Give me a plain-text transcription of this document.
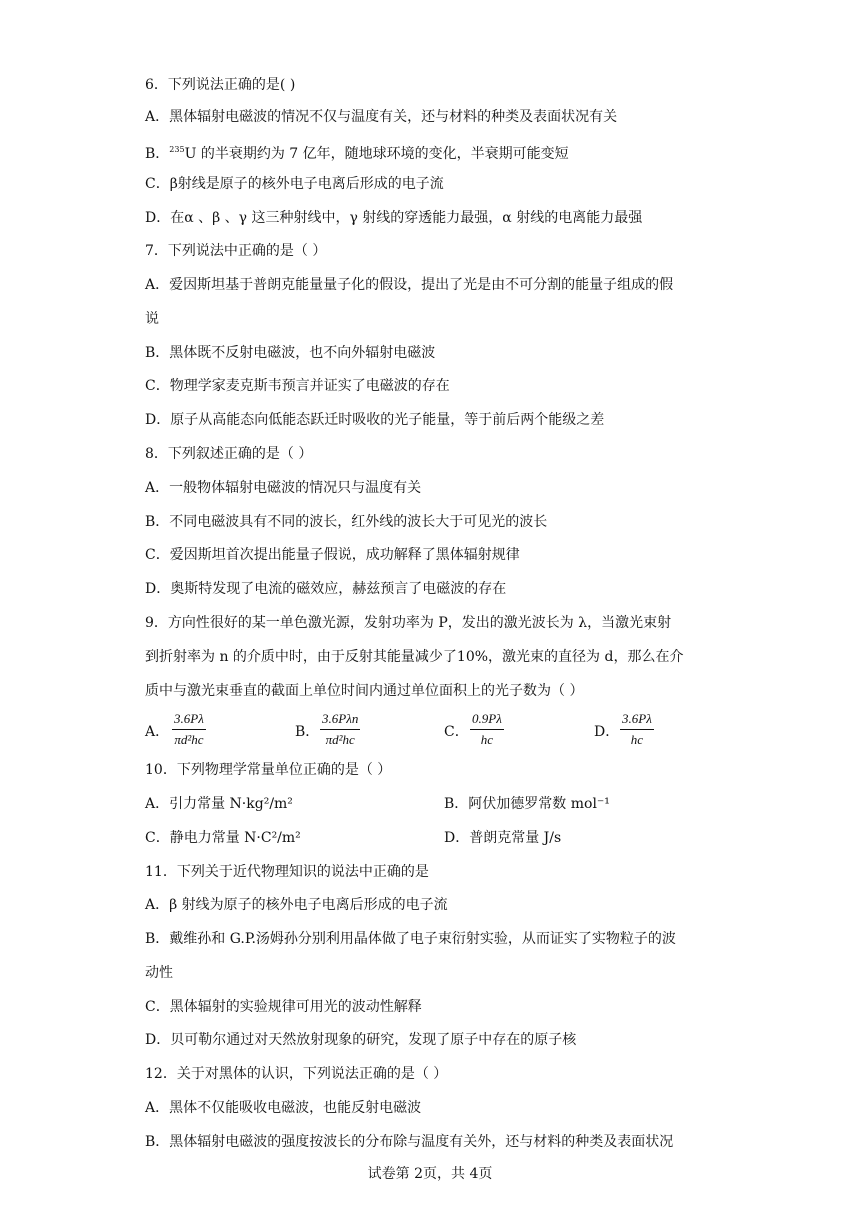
6．下列说法正确的是( )
A．黑体辐射电磁波的情况不仅与温度有关，还与材料的种类及表面状况有关
B．$^{235}$U 的半衰期约为 7 亿年，随地球环境的变化，半衰期可能变短
C．β射线是原子的核外电子电离后形成的电子流
D．在α 、β 、γ 这三种射线中，γ 射线的穿透能力最强，α 射线的电离能力最强
7．下列说法中正确的是（ ）
A．爱因斯坦基于普朗克能量量子化的假设，提出了光是由不可分割的能量子组成的假
说
B．黑体既不反射电磁波，也不向外辐射电磁波
C．物理学家麦克斯韦预言并证实了电磁波的存在
D．原子从高能态向低能态跃迁时吸收的光子能量，等于前后两个能级之差
8．下列叙述正确的是（ ）
A．一般物体辐射电磁波的情况只与温度有关
B．不同电磁波具有不同的波长，红外线的波长大于可见光的波长
C．爱因斯坦首次提出能量子假说，成功解释了黑体辐射规律
D．奥斯特发现了电流的磁效应，赫兹预言了电磁波的存在
9．方向性很好的某一单色激光源，发射功率为 P，发出的激光波长为 λ，当激光束射
到折射率为 n 的介质中时，由于反射其能量减少了10%，激光束的直径为 d，那么在介
质中与激光束垂直的截面上单位时间内通过单位面积上的光子数为（ ）
A． $\frac{3.6P\lambda}{\text{πd²hc}}$	B．
3.6Pλn
πd²hc	C． $\frac{0.9P\lambda}{hc}$	D． $\frac{3.6P\lambda}{hc}$
10．下列物理学常量单位正确的是（ ）
A．引力常量 N·kg²/m²	B．阿伏加德罗常数 mol⁻¹
C．静电力常量 N·C²/m²	D．普朗克常量 J/s
11．下列关于近代物理知识的说法中正确的是
A．β 射线为原子的核外电子电离后形成的电子流
B．戴维孙和 G.P.汤姆孙分别利用晶体做了电子束衍射实验，从而证实了实物粒子的波
动性
C．黑体辐射的实验规律可用光的波动性解释
D．贝可勒尔通过对天然放射现象的研究，发现了原子中存在的原子核
12．关于对黑体的认识，下列说法正确的是（ ）
A．黑体不仅能吸收电磁波，也能反射电磁波
B．黑体辐射电磁波的强度按波长的分布除与温度有关外，还与材料的种类及表面状况
试卷第 2页，共 4页
